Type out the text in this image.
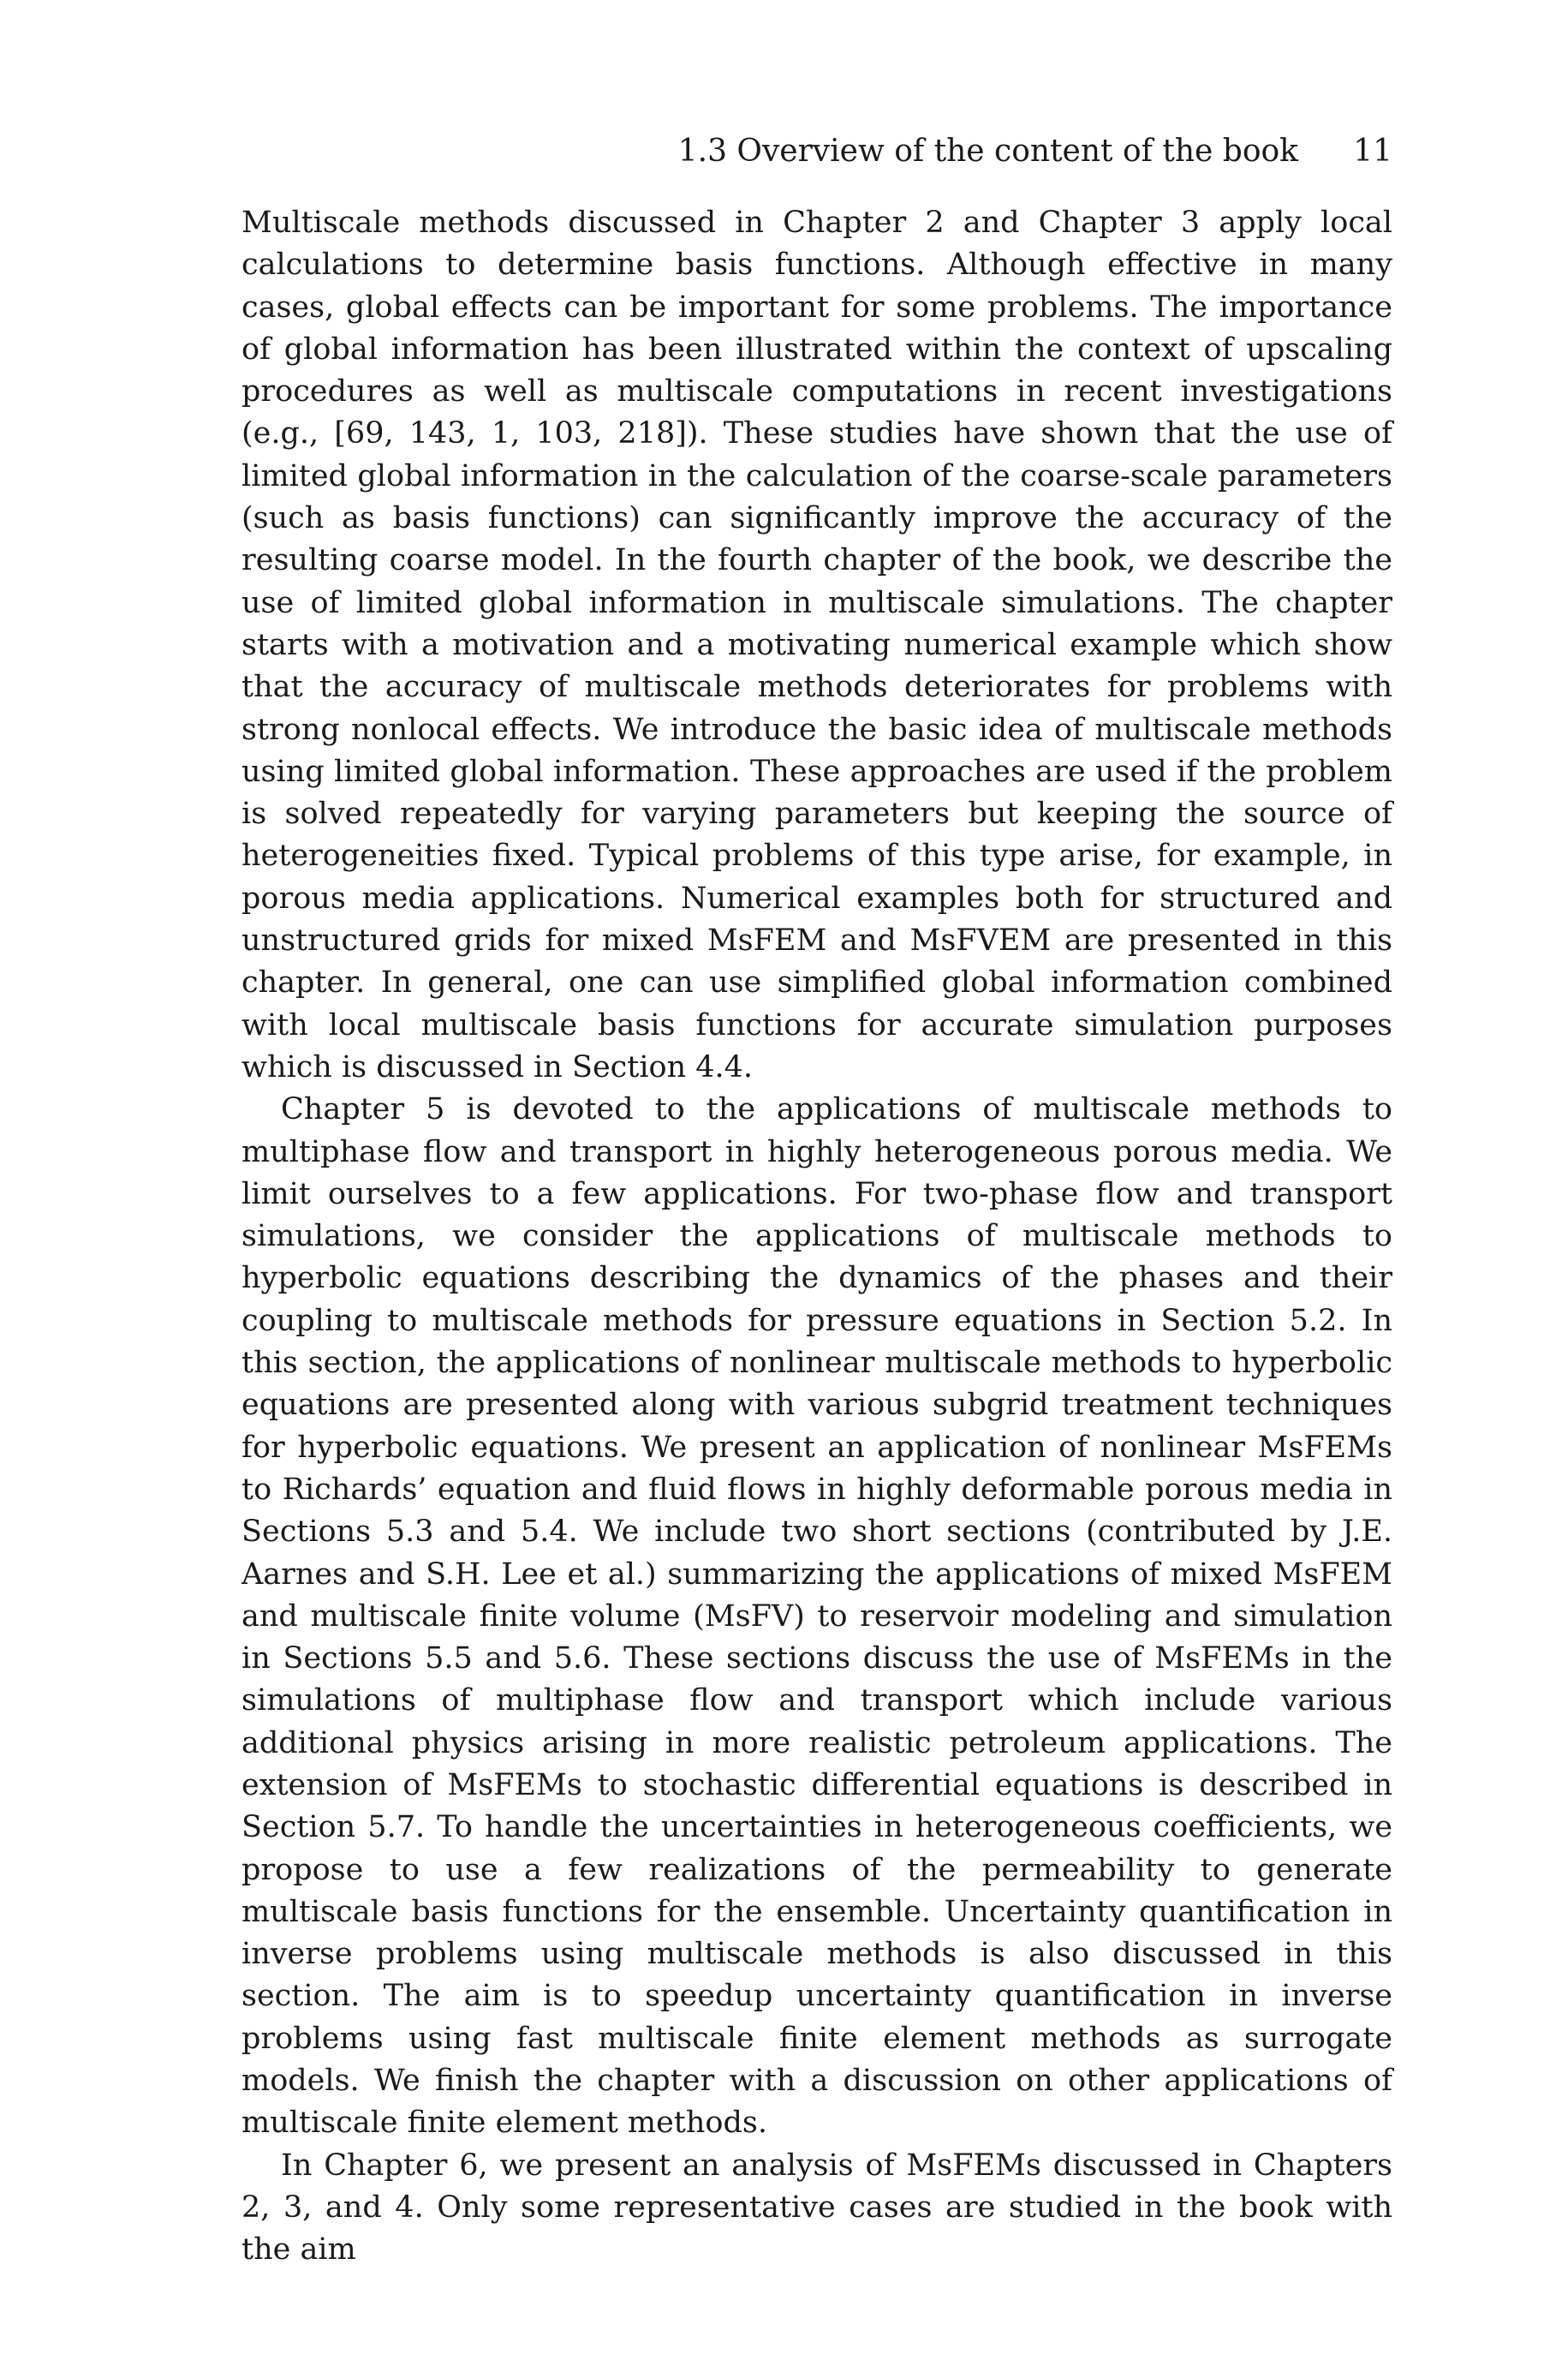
1.3 Overview of the content of the book 11

Multiscale methods discussed in Chapter 2 and Chapter 3 apply local calculations to determine basis functions. Although effective in many cases, global effects can be important for some problems. The importance of global information has been illustrated within the context of upscaling procedures as well as multiscale computations in recent investigations (e.g., [69, 143, 1, 103, 218]). These studies have shown that the use of limited global information in the calculation of the coarse-scale parameters (such as basis functions) can significantly improve the accuracy of the resulting coarse model. In the fourth chapter of the book, we describe the use of limited global information in multiscale simulations. The chapter starts with a motivation and a motivating numerical example which show that the accuracy of multiscale methods deteriorates for problems with strong nonlocal effects. We introduce the basic idea of multiscale methods using limited global information. These approaches are used if the problem is solved repeatedly for varying parameters but keeping the source of heterogeneities fixed. Typical problems of this type arise, for example, in porous media applications. Numerical examples both for structured and unstructured grids for mixed MsFEM and MsFVEM are presented in this chapter. In general, one can use simplified global information combined with local multiscale basis functions for accurate simulation purposes which is discussed in Section 4.4.

Chapter 5 is devoted to the applications of multiscale methods to multiphase flow and transport in highly heterogeneous porous media. We limit ourselves to a few applications. For two-phase flow and transport simulations, we consider the applications of multiscale methods to hyperbolic equations describing the dynamics of the phases and their coupling to multiscale methods for pressure equations in Section 5.2. In this section, the applications of nonlinear multiscale methods to hyperbolic equations are presented along with various subgrid treatment techniques for hyperbolic equations. We present an application of nonlinear MsFEMs to Richards’ equation and fluid flows in highly deformable porous media in Sections 5.3 and 5.4. We include two short sections (contributed by J.E. Aarnes and S.H. Lee et al.) summarizing the applications of mixed MsFEM and multiscale finite volume (MsFV) to reservoir modeling and simulation in Sections 5.5 and 5.6. These sections discuss the use of MsFEMs in the simulations of multiphase flow and transport which include various additional physics arising in more realistic petroleum applications. The extension of MsFEMs to stochastic differential equations is described in Section 5.7. To handle the uncertainties in heterogeneous coefficients, we propose to use a few realizations of the permeability to generate multiscale basis functions for the ensemble. Uncertainty quantification in inverse problems using multiscale methods is also discussed in this section. The aim is to speedup uncertainty quantification in inverse problems using fast multiscale finite element methods as surrogate models. We finish the chapter with a discussion on other applications of multiscale finite element methods.

In Chapter 6, we present an analysis of MsFEMs discussed in Chapters 2, 3, and 4. Only some representative cases are studied in the book with the aim
